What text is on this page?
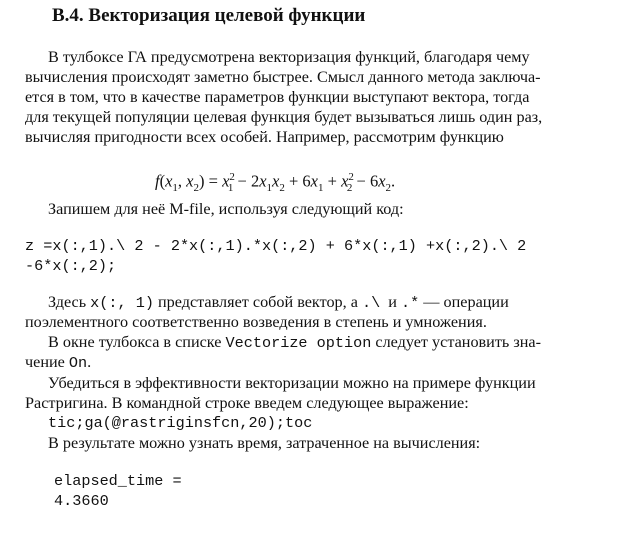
B.4. Векторизация целевой функции
В тулбоксе ГА предусмотрена векторизация функций, благодаря чему
вычисления происходят заметно быстрее. Смысл данного метода заключа-
ется в том, что в качестве параметров функции выступают вектора, тогда
для текущей популяции целевая функция будет вызываться лишь один раз,
вычисляя пригодности всех особей. Например, рассмотрим функцию
$f(x_1$, $x_2) = x^2_1 - 2x_1x_2 + 6x_1 + x^2_2 - 6x_2$.
Запишем для неё M-file, используя следующий код:
z =x(:,1).\ 2 - 2*x(:,1).*x(:,2) + 6*x(:,1) +x(:,2).\ 2
-6*x(:,2);
Здесь x(:, 1) представляет собой вектор, а .\ и .* — операции
поэлементного соответственно возведения в степень и умножения.
В окне тулбокса в списке Vectorize option следует установить зна-
чение On.
Убедиться в эффективности векторизации можно на примере функции
Растригина. В командной строке введем следующее выражение:
tic;ga(@rastriginsfcn,20);toc
В результате можно узнать время, затраченное на вычисления:
elapsed_time =
4.3660
